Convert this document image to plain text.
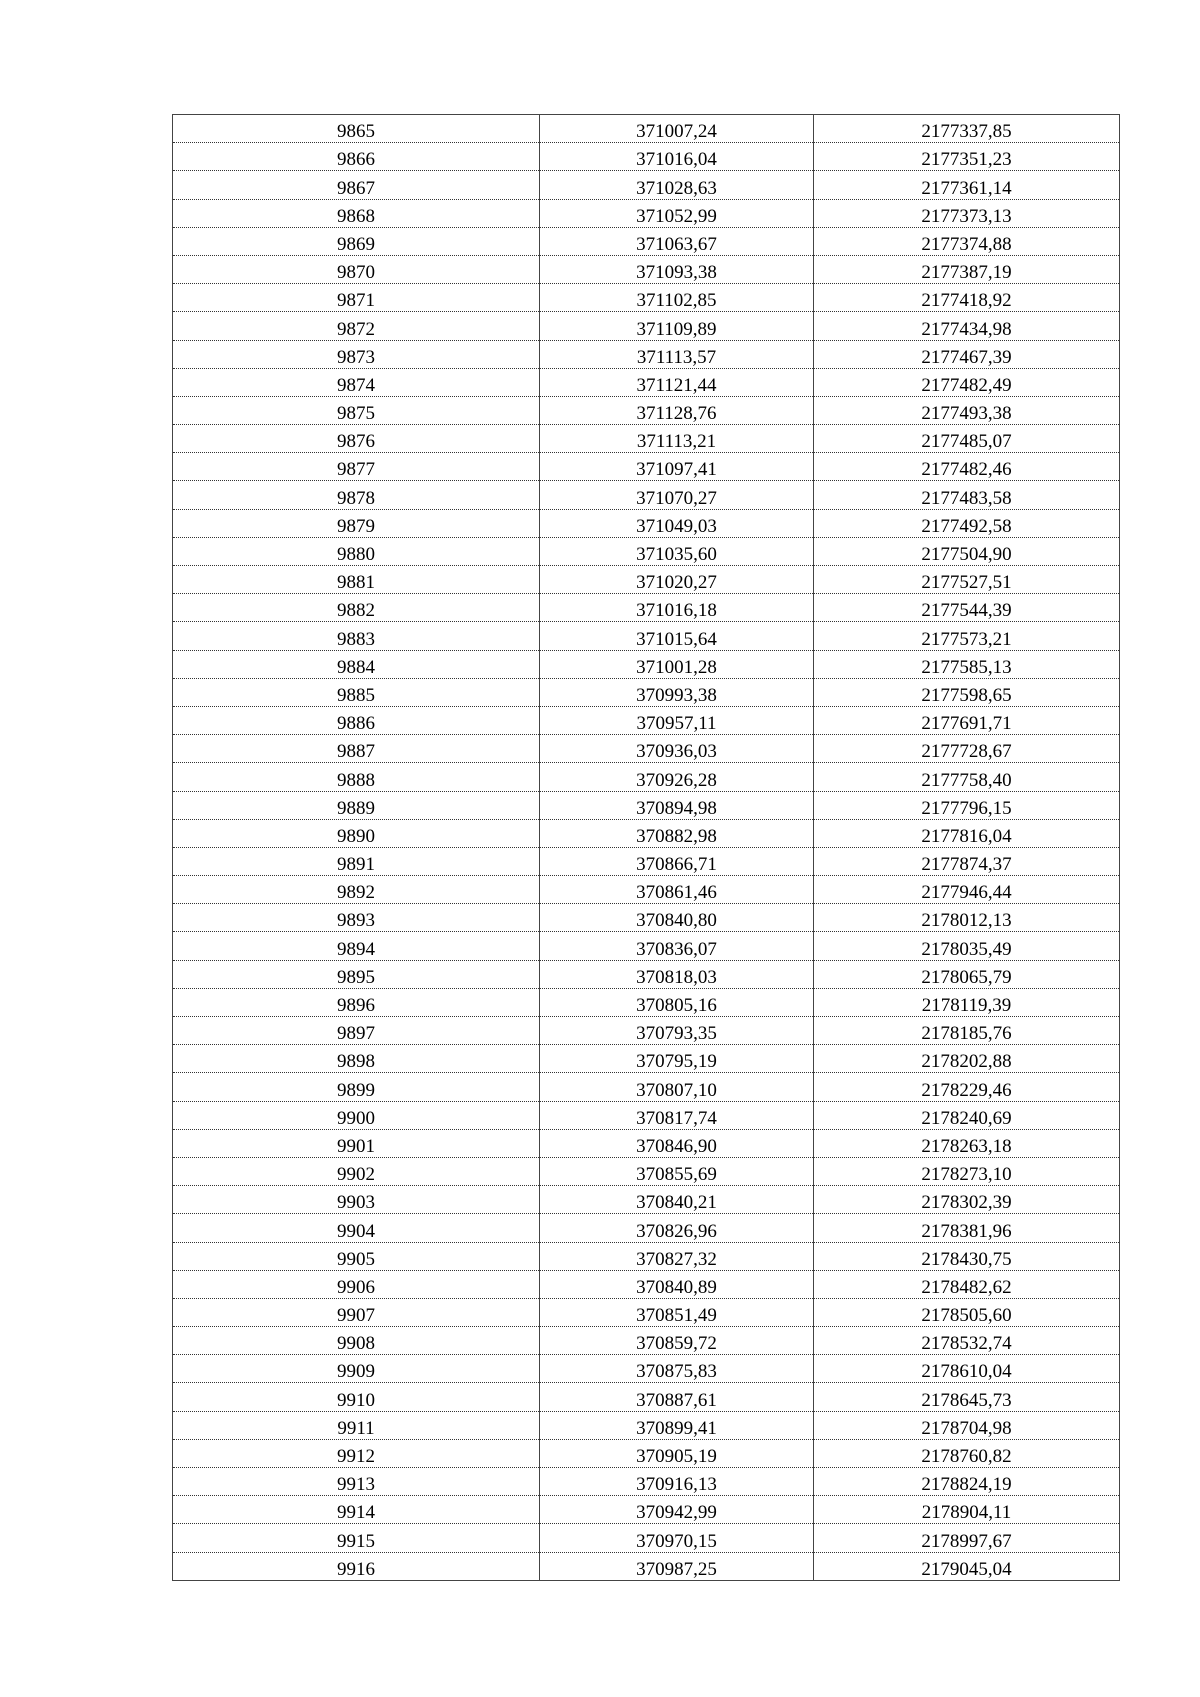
9865	371007,24	2177337,85
9866	371016,04	2177351,23
9867	371028,63	2177361,14
9868	371052,99	2177373,13
9869	371063,67	2177374,88
9870	371093,38	2177387,19
9871	371102,85	2177418,92
9872	371109,89	2177434,98
9873	371113,57	2177467,39
9874	371121,44	2177482,49
9875	371128,76	2177493,38
9876	371113,21	2177485,07
9877	371097,41	2177482,46
9878	371070,27	2177483,58
9879	371049,03	2177492,58
9880	371035,60	2177504,90
9881	371020,27	2177527,51
9882	371016,18	2177544,39
9883	371015,64	2177573,21
9884	371001,28	2177585,13
9885	370993,38	2177598,65
9886	370957,11	2177691,71
9887	370936,03	2177728,67
9888	370926,28	2177758,40
9889	370894,98	2177796,15
9890	370882,98	2177816,04
9891	370866,71	2177874,37
9892	370861,46	2177946,44
9893	370840,80	2178012,13
9894	370836,07	2178035,49
9895	370818,03	2178065,79
9896	370805,16	2178119,39
9897	370793,35	2178185,76
9898	370795,19	2178202,88
9899	370807,10	2178229,46
9900	370817,74	2178240,69
9901	370846,90	2178263,18
9902	370855,69	2178273,10
9903	370840,21	2178302,39
9904	370826,96	2178381,96
9905	370827,32	2178430,75
9906	370840,89	2178482,62
9907	370851,49	2178505,60
9908	370859,72	2178532,74
9909	370875,83	2178610,04
9910	370887,61	2178645,73
9911	370899,41	2178704,98
9912	370905,19	2178760,82
9913	370916,13	2178824,19
9914	370942,99	2178904,11
9915	370970,15	2178997,67
9916	370987,25	2179045,04
